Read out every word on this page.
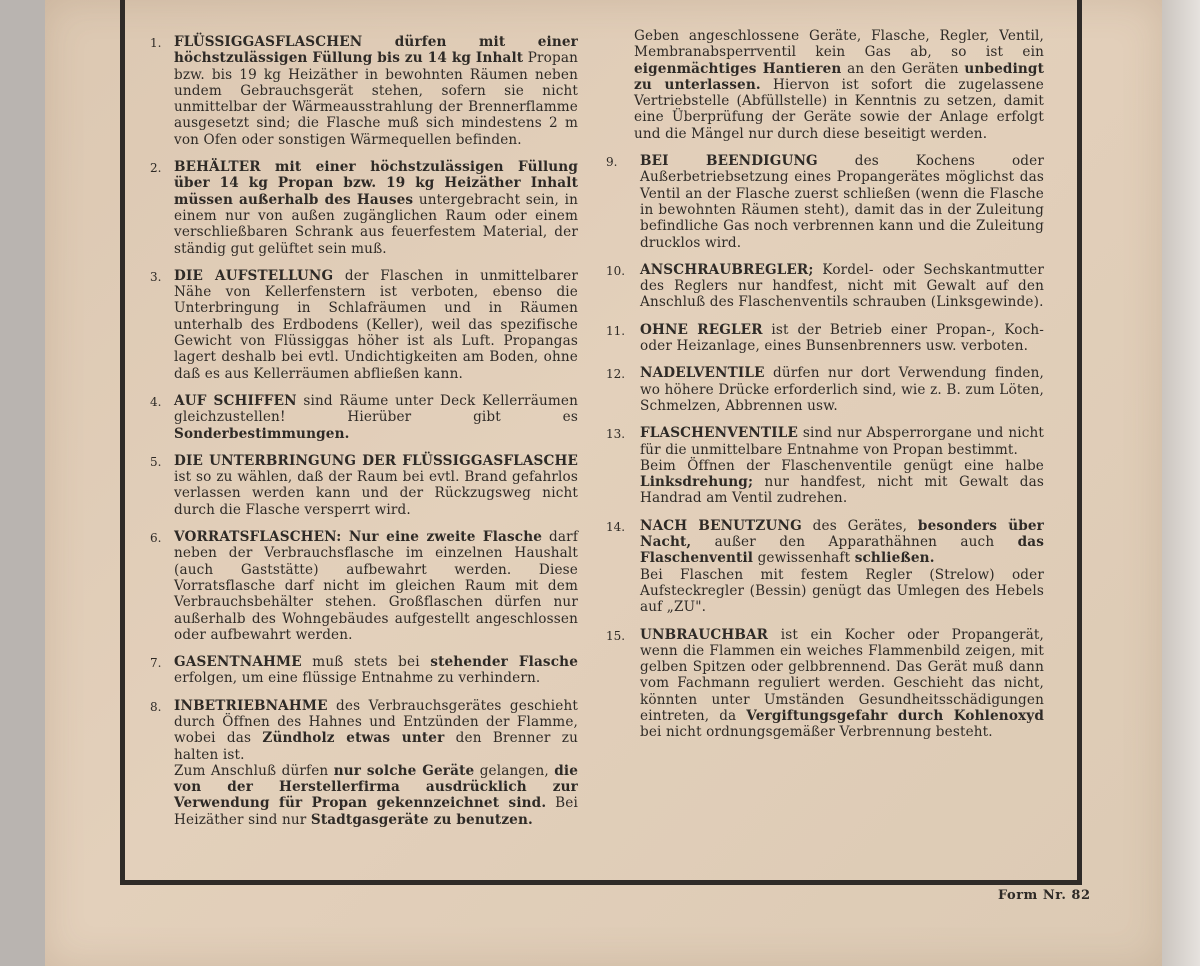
1. FLÜSSIGGASFLASCHEN dürfen mit einer höchstzulässigen Füllung bis zu 14 kg Inhalt Propan bzw. bis 19 kg Heizäther in bewohnten Räumen neben undem Gebrauchsgerät stehen, sofern sie nicht unmittelbar der Wärmeausstrahlung der Brennerflamme ausgesetzt sind; die Flasche muß sich mindestens 2 m von Ofen oder sonstigen Wärmequellen befinden.
2. BEHÄLTER mit einer höchstzulässigen Füllung über 14 kg Propan bzw. 19 kg Heizäther Inhalt müssen außerhalb des Hauses untergebracht sein, in einem nur von außen zugänglichen Raum oder einem verschließbaren Schrank aus feuerfestem Material, der ständig gut gelüftet sein muß.
3. DIE AUFSTELLUNG der Flaschen in unmittelbarer Nähe von Kellerfenstern ist verboten, ebenso die Unterbringung in Schlafräumen und in Räumen unterhalb des Erdbodens (Keller), weil das spezifische Gewicht von Flüssiggas höher ist als Luft. Propangas lagert deshalb bei evtl. Undichtigkeiten am Boden, ohne daß es aus Kellerräumen abfließen kann.
4. AUF SCHIFFEN sind Räume unter Deck Kellerräumen gleichzustellen! Hierüber gibt es Sonderbestimmungen.
5. DIE UNTERBRINGUNG DER FLÜSSIGGASFLASCHE ist so zu wählen, daß der Raum bei evtl. Brand gefahrlos verlassen werden kann und der Rückzugsweg nicht durch die Flasche versperrt wird.
6. VORRATSFLASCHEN: Nur eine zweite Flasche darf neben der Verbrauchsflasche im einzelnen Haushalt (auch Gaststätte) aufbewahrt werden. Diese Vorratsflasche darf nicht im gleichen Raum mit dem Verbrauchsbehälter stehen. Großflaschen dürfen nur außerhalb des Wohngebäudes aufgestellt angeschlossen oder aufbewahrt werden.
7. GASENTNAHME muß stets bei stehender Flasche erfolgen, um eine flüssige Entnahme zu verhindern.
8. INBETRIEBNAHME des Verbrauchsgerätes geschieht durch Öffnen des Hahnes und Entzünden der Flamme, wobei das Zündholz etwas unter den Brenner zu halten ist.
Zum Anschluß dürfen nur solche Geräte gelangen, die von der Herstellerfirma ausdrücklich zur Verwendung für Propan gekennzeichnet sind. Bei Heizäther sind nur Stadtgasgeräte zu benutzen.
Geben angeschlossene Geräte, Flasche, Regler, Ventil, Membranabsperrventil kein Gas ab, so ist ein eigenmächtiges Hantieren an den Geräten unbedingt zu unterlassen. Hiervon ist sofort die zugelassene Vertriebstelle (Abfüllstelle) in Kenntnis zu setzen, damit eine Überprüfung der Geräte sowie der Anlage erfolgt und die Mängel nur durch diese beseitigt werden.
9.	BEI BEENDIGUNG des Kochens oder Außerbetriebsetzung eines Propangerätes möglichst das Ventil an der Flasche zuerst schließen (wenn die Flasche in bewohnten Räumen steht), damit das in der Zuleitung befindliche Gas noch verbrennen kann und die Zuleitung drucklos wird.
10.	ANSCHRAUBREGLER; Kordel- oder Sechskantmutter des Reglers nur handfest, nicht mit Gewalt auf den Anschluß des Flaschenventils schrauben (Linksgewinde).
11.	OHNE REGLER ist der Betrieb einer Propan-, Koch- oder Heizanlage, eines Bunsenbrenners usw. verboten.
12.	NADELVENTILE dürfen nur dort Verwendung finden, wo höhere Drücke erforderlich sind, wie z. B. zum Löten, Schmelzen, Abbrennen usw.
13.	FLASCHENVENTILE sind nur Absperrorgane und nicht für die unmittelbare Entnahme von Propan bestimmt.
Beim Öffnen der Flaschenventile genügt eine halbe Linksdrehung; nur handfest, nicht mit Gewalt das Handrad am Ventil zudrehen.
14.	NACH BENUTZUNG des Gerätes, besonders über Nacht, außer den Apparathähnen auch das Flaschenventil gewissenhaft schließen.
Bei Flaschen mit festem Regler (Strelow) oder Aufsteckregler (Bessin) genügt das Umlegen des Hebels auf „ZU".
15.	UNBRAUCHBAR ist ein Kocher oder Propangerät, wenn die Flammen ein weiches Flammenbild zeigen, mit gelben Spitzen oder gelbbrennend. Das Gerät muß dann vom Fachmann reguliert werden. Geschieht das nicht, könnten unter Umständen Gesundheitsschädigungen eintreten, da Vergiftungsgefahr durch Kohlenoxyd bei nicht ordnungsgemäßer Verbrennung besteht.
Form Nr. 82
